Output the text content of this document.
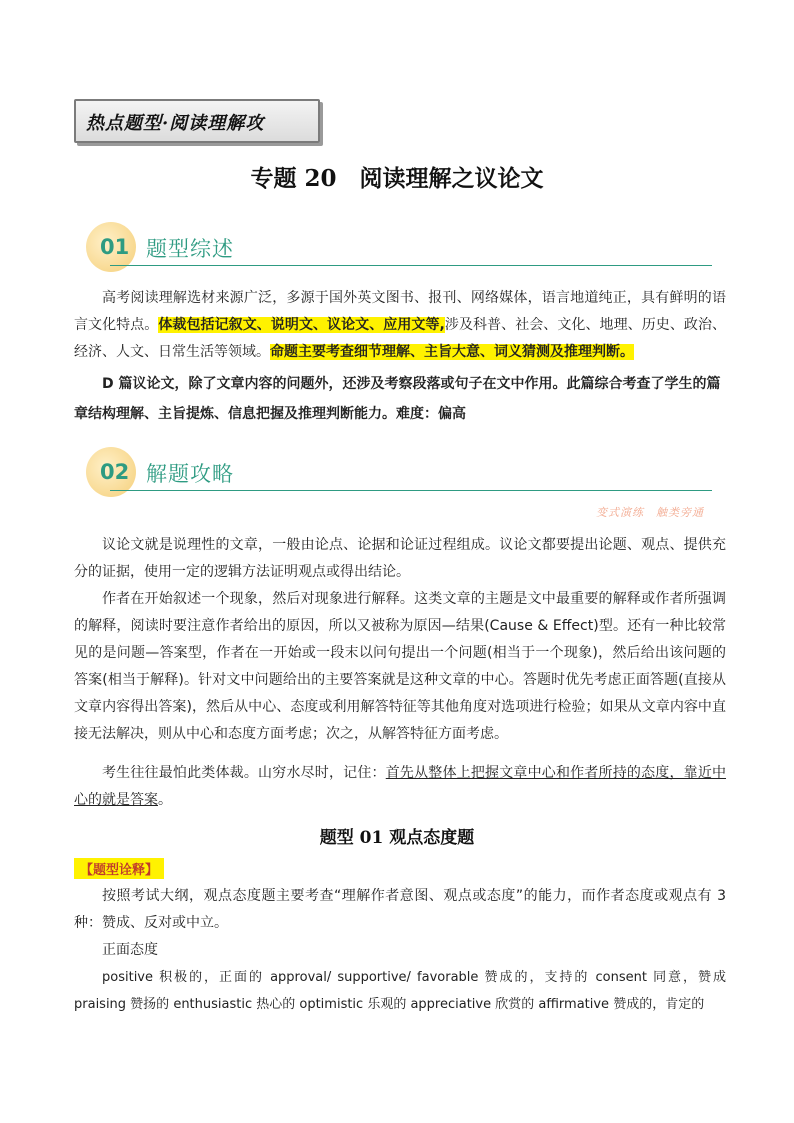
热点题型·阅读理解攻
专题 20　阅读理解之议论文
01 题型综述
高考阅读理解选材来源广泛，多源于国外英文图书、报刊、网络媒体，语言地道纯正，具有鲜明的语言文化特点。体裁包括记叙文、说明文、议论文、应用文等,涉及科普、社会、文化、地理、历史、政治、经济、人文、日常生活等领域。命题主要考查细节理解、主旨大意、词义猜测及推理判断。
D 篇议论文，除了文章内容的问题外，还涉及考察段落或句子在文中作用。此篇综合考查了学生的篇章结构理解、主旨提炼、信息把握及推理判断能力。难度：偏高
02 解题攻略
变式演练　触类旁通
议论文就是说理性的文章，一般由论点、论据和论证过程组成。议论文都要提出论题、观点、提供充分的证据，使用一定的逻辑方法证明观点或得出结论。
作者在开始叙述一个现象，然后对现象进行解释。这类文章的主题是文中最重要的解释或作者所强调的解释，阅读时要注意作者给出的原因，所以又被称为原因—结果(Cause & Effect)型。还有一种比较常见的是问题—答案型，作者在一开始或一段末以问句提出一个问题(相当于一个现象)，然后给出该问题的答案(相当于解释)。针对文中问题给出的主要答案就是这种文章的中心。答题时优先考虑正面答题(直接从文章内容得出答案)，然后从中心、态度或利用解答特征等其他角度对选项进行检验；如果从文章内容中直接无法解决，则从中心和态度方面考虑；次之，从解答特征方面考虑。
考生往往最怕此类体裁。山穷水尽时，记住：首先从整体上把握文章中心和作者所持的态度，靠近中心的就是答案。
题型 01 观点态度题
【题型诠释】
按照考试大纲，观点态度题主要考查“理解作者意图、观点或态度”的能力，而作者态度或观点有 3 种：赞成、反对或中立。
正面态度
positive 积极的，正面的 approval/ supportive/ favorable 赞成的，支持的 consent 同意，赞成 praising 赞扬的 enthusiastic 热心的 optimistic 乐观的 appreciative 欣赏的 affirmative 赞成的，肯定的
